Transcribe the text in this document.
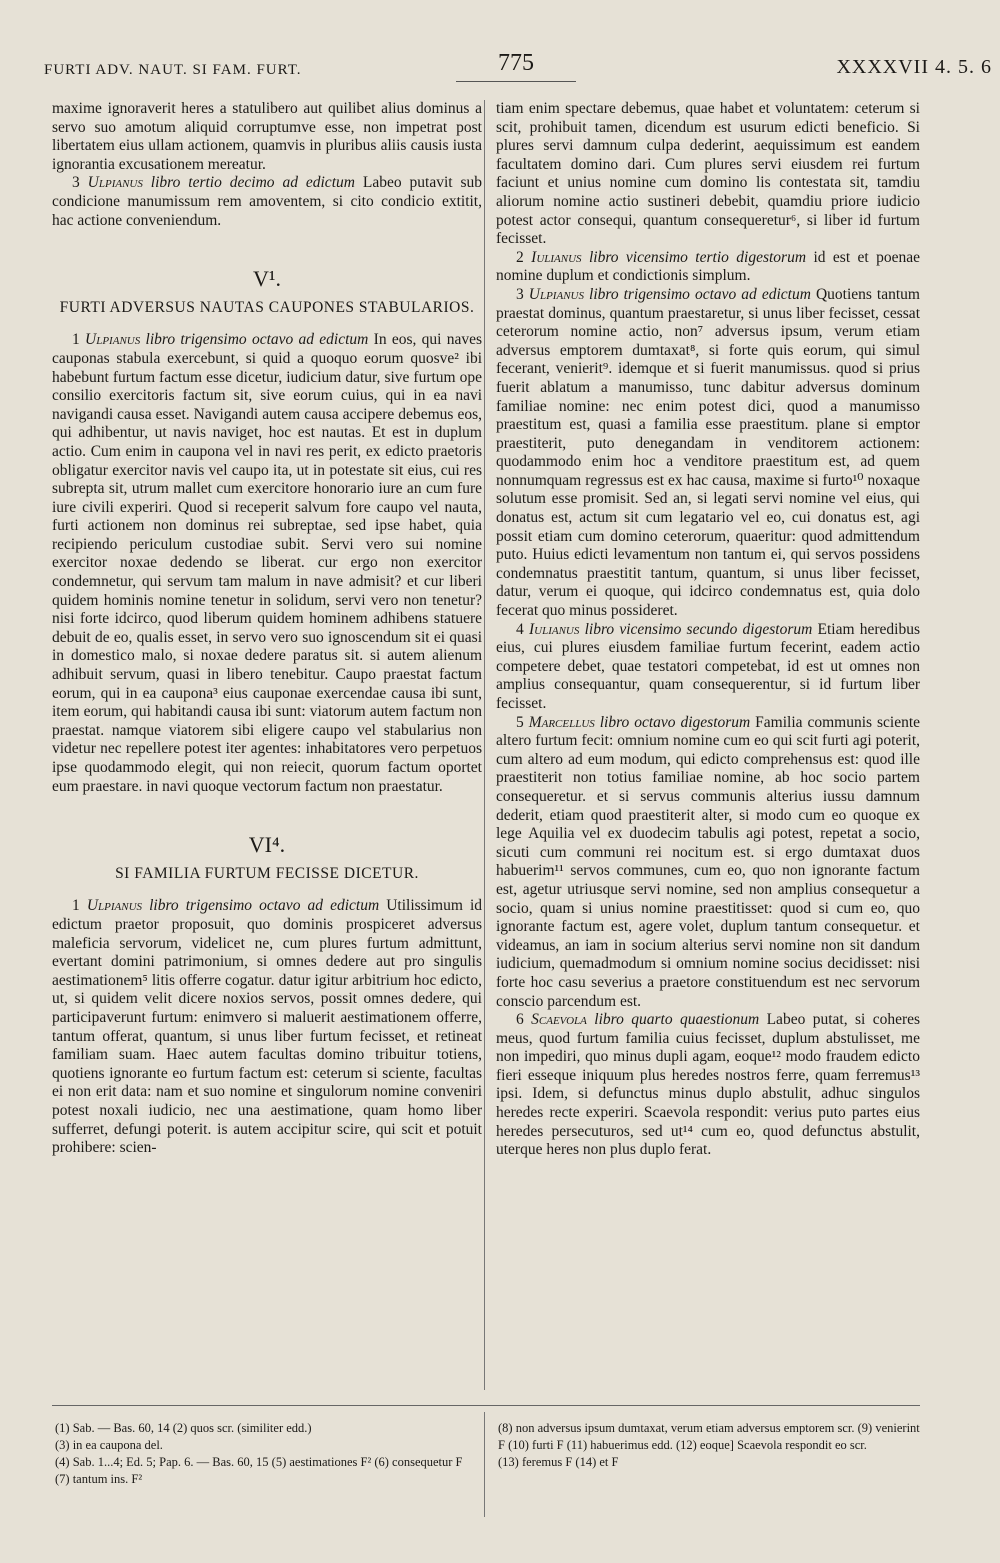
FURTI ADV. NAUT. SI FAM. FURT.	775	XXXXVII 4. 5. 6

maxime ignoraverit heres a statulibero aut quilibet alius dominus a servo suo amotum aliquid corruptumve esse, non impetrat post libertatem eius ullam actionem, quamvis in pluribus aliis causis iusta ignorantia excusationem mereatur.

3 Ulpianus libro tertio decimo ad edictum Labeo putavit sub condicione manumissum rem amoventem, si cito condicio extitit, hac actione conveniendum.

V¹.

FURTI ADVERSUS NAUTAS CAUPONES STABULARIOS.

1 Ulpianus libro trigensimo octavo ad edictum In eos, qui naves cauponas stabula exercebunt, si quid a quoquo eorum quosve² ibi habebunt furtum factum esse dicetur, iudicium datur, sive furtum ope consilio exercitoris factum sit, sive eorum cuius, qui in ea navi navigandi causa esset. Navigandi autem causa accipere debemus eos, qui adhibentur, ut navis naviget, hoc est nautas. Et est in duplum actio. Cum enim in caupona vel in navi res perit, ex edicto praetoris obligatur exercitor navis vel caupo ita, ut in potestate sit eius, cui res subrepta sit, utrum mallet cum exercitore honorario iure an cum fure iure civili experiri. Quod si receperit salvum fore caupo vel nauta, furti actionem non dominus rei subreptae, sed ipse habet, quia recipiendo periculum custodiae subit. Servi vero sui nomine exercitor noxae dedendo se liberat. cur ergo non exercitor condemnetur, qui servum tam malum in nave admisit? et cur liberi quidem hominis nomine tenetur in solidum, servi vero non tenetur? nisi forte idcirco, quod liberum quidem hominem adhibens statuere debuit de eo, qualis esset, in servo vero suo ignoscendum sit ei quasi in domestico malo, si noxae dedere paratus sit. si autem alienum adhibuit servum, quasi in libero tenebitur. Caupo praestat factum eorum, qui in ea caupona³ eius cauponae exercendae causa ibi sunt, item eorum, qui habitandi causa ibi sunt: viatorum autem factum non praestat. namque viatorem sibi eligere caupo vel stabularius non videtur nec repellere potest iter agentes: inhabitatores vero perpetuos ipse quodammodo elegit, qui non reiecit, quorum factum oportet eum praestare. in navi quoque vectorum factum non praestatur.

VI⁴.

SI FAMILIA FURTUM FECISSE DICETUR.

1 Ulpianus libro trigensimo octavo ad edictum Utilissimum id edictum praetor proposuit, quo dominis prospiceret adversus maleficia servorum, videlicet ne, cum plures furtum admittunt, evertant domini patrimonium, si omnes dedere aut pro singulis aestimationem⁵ litis offerre cogatur. datur igitur arbitrium hoc edicto, ut, si quidem velit dicere noxios servos, possit omnes dedere, qui participaverunt furtum: enimvero si maluerit aestimationem offerre, tantum offerat, quantum, si unus liber furtum fecisset, et retineat familiam suam. Haec autem facultas domino tribuitur totiens, quotiens ignorante eo furtum factum est: ceterum si sciente, facultas ei non erit data: nam et suo nomine et singulorum nomine conveniri potest noxali iudicio, nec una aestimatione, quam homo liber sufferret, defungi poterit. is autem accipitur scire, qui scit et potuit prohibere: scien-

tiam enim spectare debemus, quae habet et voluntatem: ceterum si scit, prohibuit tamen, dicendum est usurum edicti beneficio. Si plures servi damnum culpa dederint, aequissimum est eandem facultatem domino dari. Cum plures servi eiusdem rei furtum faciunt et unius nomine cum domino lis contestata sit, tamdiu aliorum nomine actio sustineri debebit, quamdiu priore iudicio potest actor consequi, quantum consequeretur⁶, si liber id furtum fecisset.

2 Iulianus libro vicensimo tertio digestorum id est et poenae nomine duplum et condictionis simplum.

3 Ulpianus libro trigensimo octavo ad edictum Quotiens tantum praestat dominus, quantum praestaretur, si unus liber fecisset, cessat ceterorum nomine actio, non⁷ adversus ipsum, verum etiam adversus emptorem dumtaxat⁸, si forte quis eorum, qui simul fecerant, venierit⁹. idemque et si fuerit manumissus. quod si prius fuerit ablatum a manumisso, tunc dabitur adversus dominum familiae nomine: nec enim potest dici, quod a manumisso praestitum est, quasi a familia esse praestitum. plane si emptor praestiterit, puto denegandam in venditorem actionem: quodammodo enim hoc a venditore praestitum est, ad quem nonnumquam regressus est ex hac causa, maxime si furto¹⁰ noxaque solutum esse promisit. Sed an, si legati servi nomine vel eius, qui donatus est, actum sit cum legatario vel eo, cui donatus est, agi possit etiam cum domino ceterorum, quaeritur: quod admittendum puto. Huius edicti levamentum non tantum ei, qui servos possidens condemnatus praestitit tantum, quantum, si unus liber fecisset, datur, verum ei quoque, qui idcirco condemnatus est, quia dolo fecerat quo minus possideret.

4 Iulianus libro vicensimo secundo digestorum Etiam heredibus eius, cui plures eiusdem familiae furtum fecerint, eadem actio competere debet, quae testatori competebat, id est ut omnes non amplius consequantur, quam consequerentur, si id furtum liber fecisset.

5 Marcellus libro octavo digestorum Familia communis sciente altero furtum fecit: omnium nomine cum eo qui scit furti agi poterit, cum altero ad eum modum, qui edicto comprehensus est: quod ille praestiterit non totius familiae nomine, ab hoc socio partem consequeretur. et si servus communis alterius iussu damnum dederit, etiam quod praestiterit alter, si modo cum eo quoque ex lege Aquilia vel ex duodecim tabulis agi potest, repetat a socio, sicuti cum communi rei nocitum est. si ergo dumtaxat duos habuerim¹¹ servos communes, cum eo, quo non ignorante factum est, agetur utriusque servi nomine, sed non amplius consequetur a socio, quam si unius nomine praestitisset: quod si cum eo, quo ignorante factum est, agere volet, duplum tantum consequetur. et videamus, an iam in socium alterius servi nomine non sit dandum iudicium, quemadmodum si omnium nomine socius decidisset: nisi forte hoc casu severius a praetore constituendum est nec servorum conscio parcendum est.

6 Scaevola libro quarto quaestionum Labeo putat, si coheres meus, quod furtum familia cuius fecisset, duplum abstulisset, me non impediri, quo minus dupli agam, eoque¹² modo fraudem edicto fieri esseque iniquum plus heredes nostros ferre, quam ferremus¹³ ipsi. Idem, si defunctus minus duplo abstulit, adhuc singulos heredes recte experiri. Scaevola respondit: verius puto partes eius heredes persecuturos, sed ut¹⁴ cum eo, quod defunctus abstulit, uterque heres non plus duplo ferat.

(1) Sab. — Bas. 60, 14 (2) quos scr. (similiter edd.)
(3) in ea caupona del.
(4) Sab. 1...4; Ed. 5; Pap. 6. — Bas. 60, 15 (5) aestimationes F² (6) consequetur F (7) tantum ins. F²
(8) non adversus ipsum dumtaxat, verum etiam adversus emptorem scr. (9) venierint F (10) furti F (11) habuerimus edd. (12) eoque] Scaevola respondit eo scr.
(13) feremus F (14) et F
